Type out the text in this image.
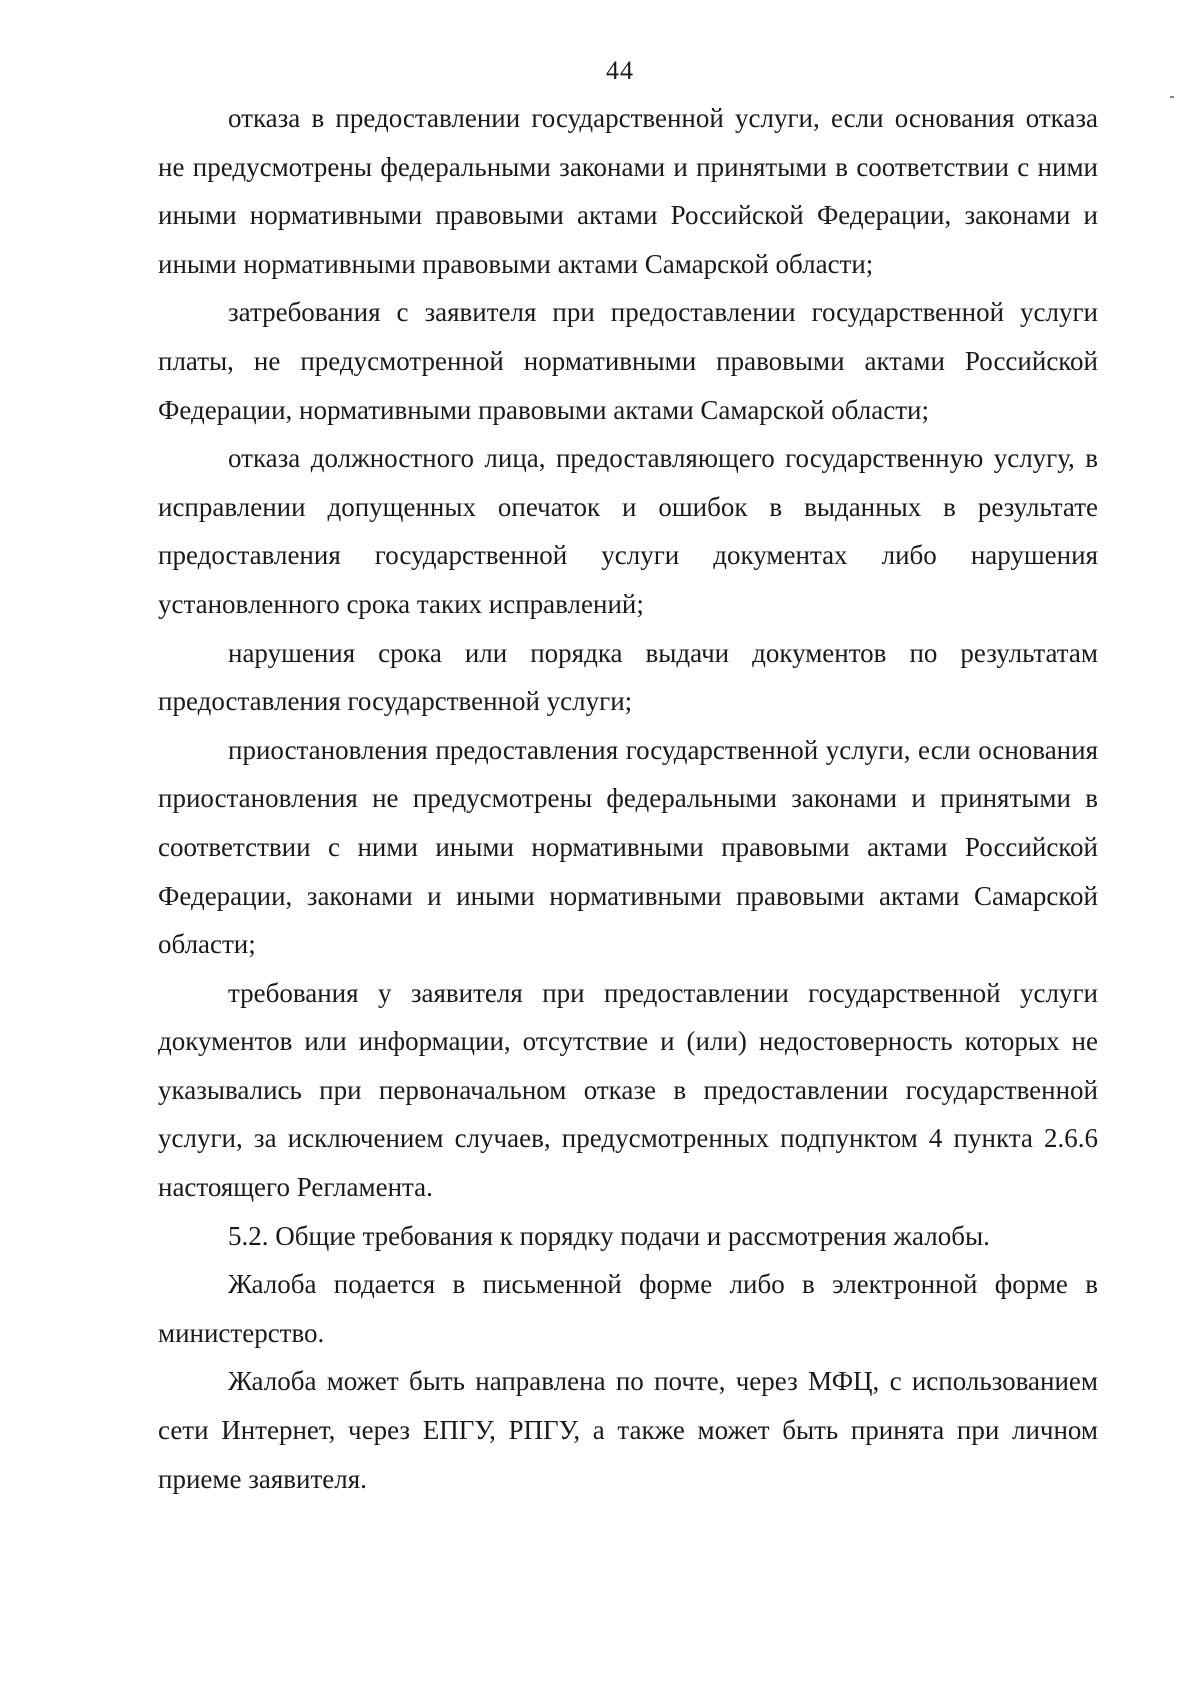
44

отказа в предоставлении государственной услуги, если основания отказа не предусмотрены федеральными законами и принятыми в соответствии с ними иными нормативными правовыми актами Российской Федерации, законами и иными нормативными правовыми актами Самарской области;

затребования с заявителя при предоставлении государственной услуги платы, не предусмотренной нормативными правовыми актами Российской Федерации, нормативными правовыми актами Самарской области;

отказа должностного лица, предоставляющего государственную услугу, в исправлении допущенных опечаток и ошибок в выданных в результате предоставления государственной услуги документах либо нарушения установленного срока таких исправлений;

нарушения срока или порядка выдачи документов по результатам предоставления государственной услуги;

приостановления предоставления государственной услуги, если основания приостановления не предусмотрены федеральными законами и принятыми в соответствии с ними иными нормативными правовыми актами Российской Федерации, законами и иными нормативными правовыми актами Самарской области;

требования у заявителя при предоставлении государственной услуги документов или информации, отсутствие и (или) недостоверность которых не указывались при первоначальном отказе в предоставлении государственной услуги, за исключением случаев, предусмотренных подпунктом 4 пункта 2.6.6 настоящего Регламента.

5.2. Общие требования к порядку подачи и рассмотрения жалобы.

Жалоба подается в письменной форме либо в электронной форме в министерство.

Жалоба может быть направлена по почте, через МФЦ, с использованием сети Интернет, через ЕПГУ, РПГУ, а также может быть принята при личном приеме заявителя.
